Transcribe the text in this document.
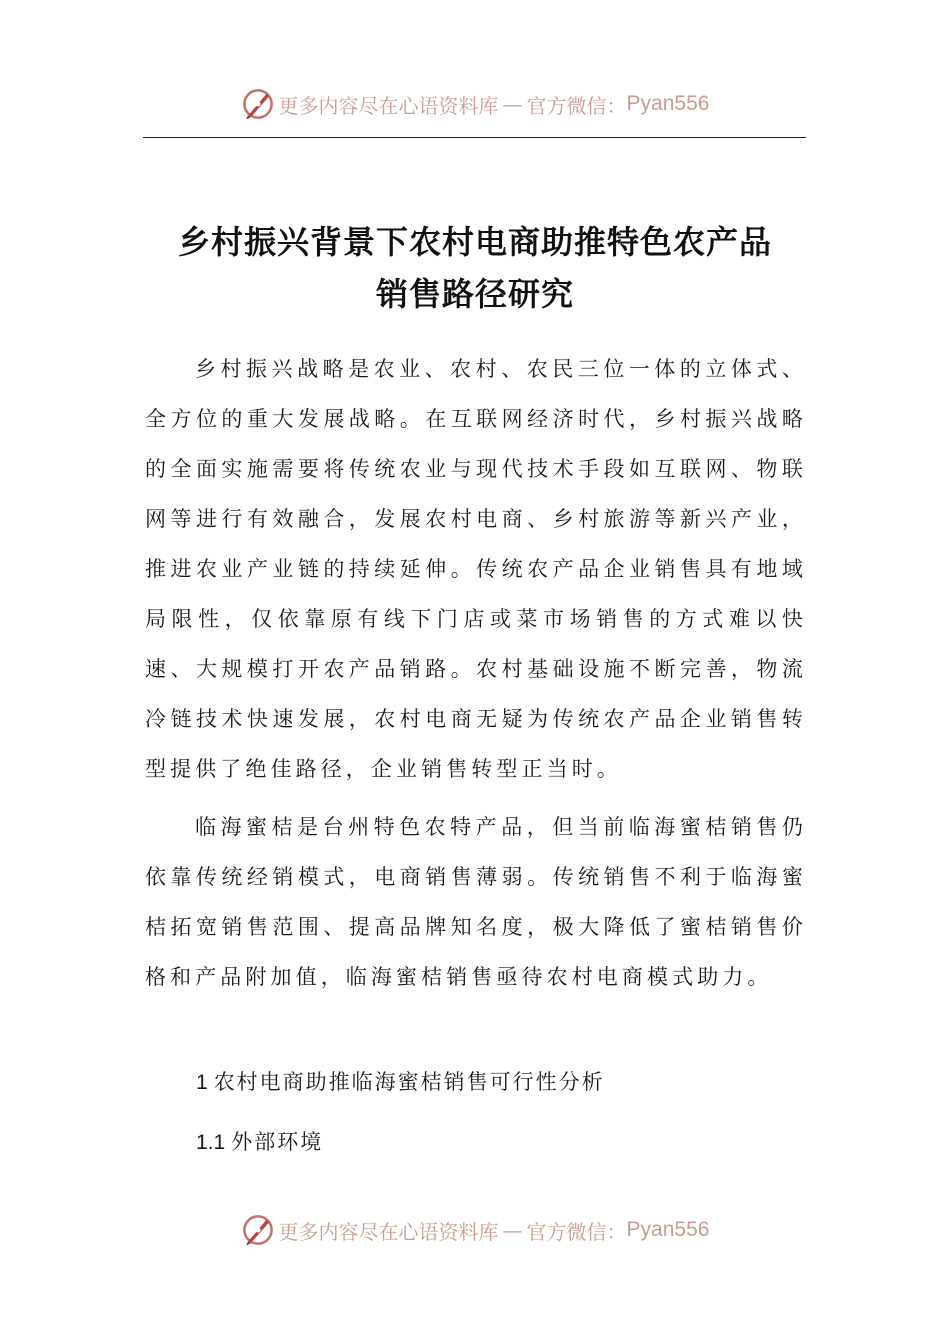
更多内容尽在心语资料库 — 官方微信： Pyan556
乡村振兴背景下农村电商助推特色农产品
销售路径研究

乡村振兴战略是农业、农村、农民三位一体的立体式、全方位的重大发展战略。在互联网经济时代，乡村振兴战略的全面实施需要将传统农业与现代技术手段如互联网、物联网等进行有效融合，发展农村电商、乡村旅游等新兴产业，推进农业产业链的持续延伸。传统农产品企业销售具有地域局限性，仅依靠原有线下门店或菜市场销售的方式难以快速、大规模打开农产品销路。农村基础设施不断完善，物流冷链技术快速发展，农村电商无疑为传统农产品企业销售转型提供了绝佳路径，企业销售转型正当时。

临海蜜桔是台州特色农特产品，但当前临海蜜桔销售仍依靠传统经销模式，电商销售薄弱。传统销售不利于临海蜜桔拓宽销售范围、提高品牌知名度，极大降低了蜜桔销售价格和产品附加值，临海蜜桔销售亟待农村电商模式助力。

1 农村电商助推临海蜜桔销售可行性分析
1.1 外部环境
更多内容尽在心语资料库 — 官方微信： Pyan556
